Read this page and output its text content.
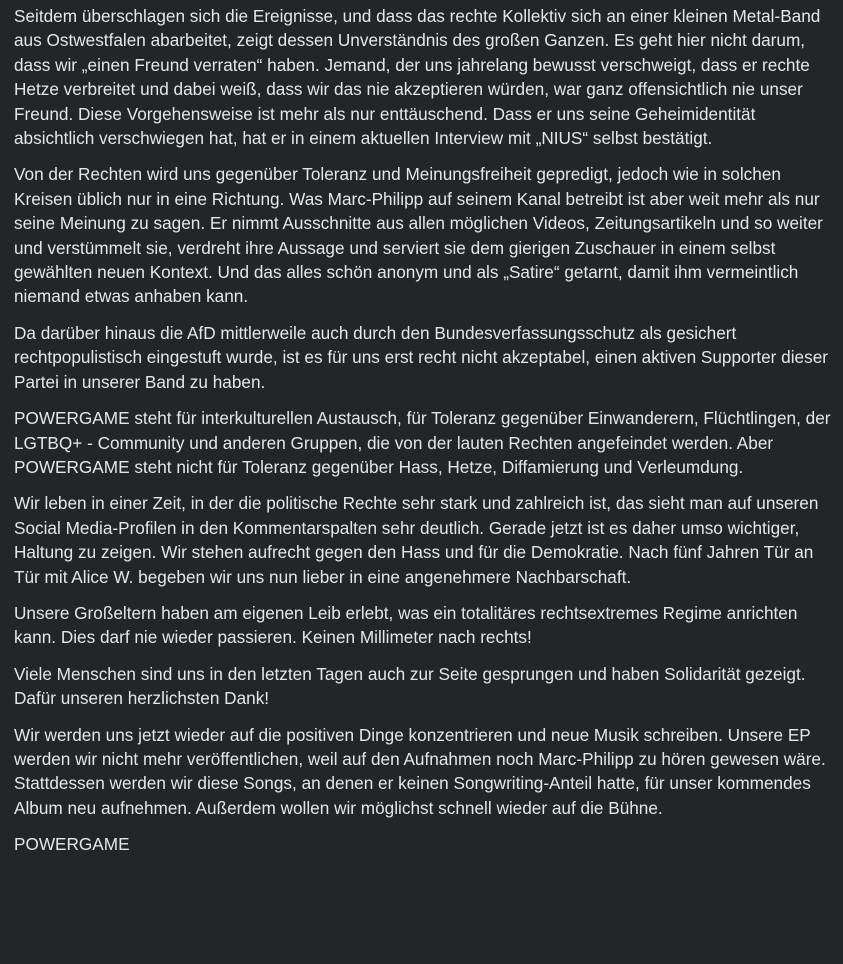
Seitdem überschlagen sich die Ereignisse, und dass das rechte Kollektiv sich an einer kleinen Metal-Band aus Ostwestfalen abarbeitet, zeigt dessen Unverständnis des großen Ganzen. Es geht hier nicht darum, dass wir „einen Freund verraten“ haben. Jemand, der uns jahrelang bewusst verschweigt, dass er rechte Hetze verbreitet und dabei weiß, dass wir das nie akzeptieren würden, war ganz offensichtlich nie unser Freund. Diese Vorgehensweise ist mehr als nur enttäuschend. Dass er uns seine Geheimidentität absichtlich verschwiegen hat, hat er in einem aktuellen Interview mit „NIUS“ selbst bestätigt.

Von der Rechten wird uns gegenüber Toleranz und Meinungsfreiheit gepredigt, jedoch wie in solchen Kreisen üblich nur in eine Richtung. Was Marc-Philipp auf seinem Kanal betreibt ist aber weit mehr als nur seine Meinung zu sagen. Er nimmt Ausschnitte aus allen möglichen Videos, Zeitungsartikeln und so weiter und verstümmelt sie, verdreht ihre Aussage und serviert sie dem gierigen Zuschauer in einem selbst gewählten neuen Kontext. Und das alles schön anonym und als „Satire“ getarnt, damit ihm vermeintlich niemand etwas anhaben kann.

Da darüber hinaus die AfD mittlerweile auch durch den Bundesverfassungsschutz als gesichert rechtpopulistisch eingestuft wurde, ist es für uns erst recht nicht akzeptabel, einen aktiven Supporter dieser Partei in unserer Band zu haben.

POWERGAME steht für interkulturellen Austausch, für Toleranz gegenüber Einwanderern, Flüchtlingen, der LGTBQ+ - Community und anderen Gruppen, die von der lauten Rechten angefeindet werden. Aber POWERGAME steht nicht für Toleranz gegenüber Hass, Hetze, Diffamierung und Verleumdung.

Wir leben in einer Zeit, in der die politische Rechte sehr stark und zahlreich ist, das sieht man auf unseren Social Media-Profilen in den Kommentarspalten sehr deutlich. Gerade jetzt ist es daher umso wichtiger, Haltung zu zeigen. Wir stehen aufrecht gegen den Hass und für die Demokratie. Nach fünf Jahren Tür an Tür mit Alice W. begeben wir uns nun lieber in eine angenehmere Nachbarschaft.

Unsere Großeltern haben am eigenen Leib erlebt, was ein totalitäres rechtsextremes Regime anrichten kann. Dies darf nie wieder passieren. Keinen Millimeter nach rechts!

Viele Menschen sind uns in den letzten Tagen auch zur Seite gesprungen und haben Solidarität gezeigt. Dafür unseren herzlichsten Dank!

Wir werden uns jetzt wieder auf die positiven Dinge konzentrieren und neue Musik schreiben. Unsere EP werden wir nicht mehr veröffentlichen, weil auf den Aufnahmen noch Marc-Philipp zu hören gewesen wäre. Stattdessen werden wir diese Songs, an denen er keinen Songwriting-Anteil hatte, für unser kommendes Album neu aufnehmen. Außerdem wollen wir möglichst schnell wieder auf die Bühne.

POWERGAME
